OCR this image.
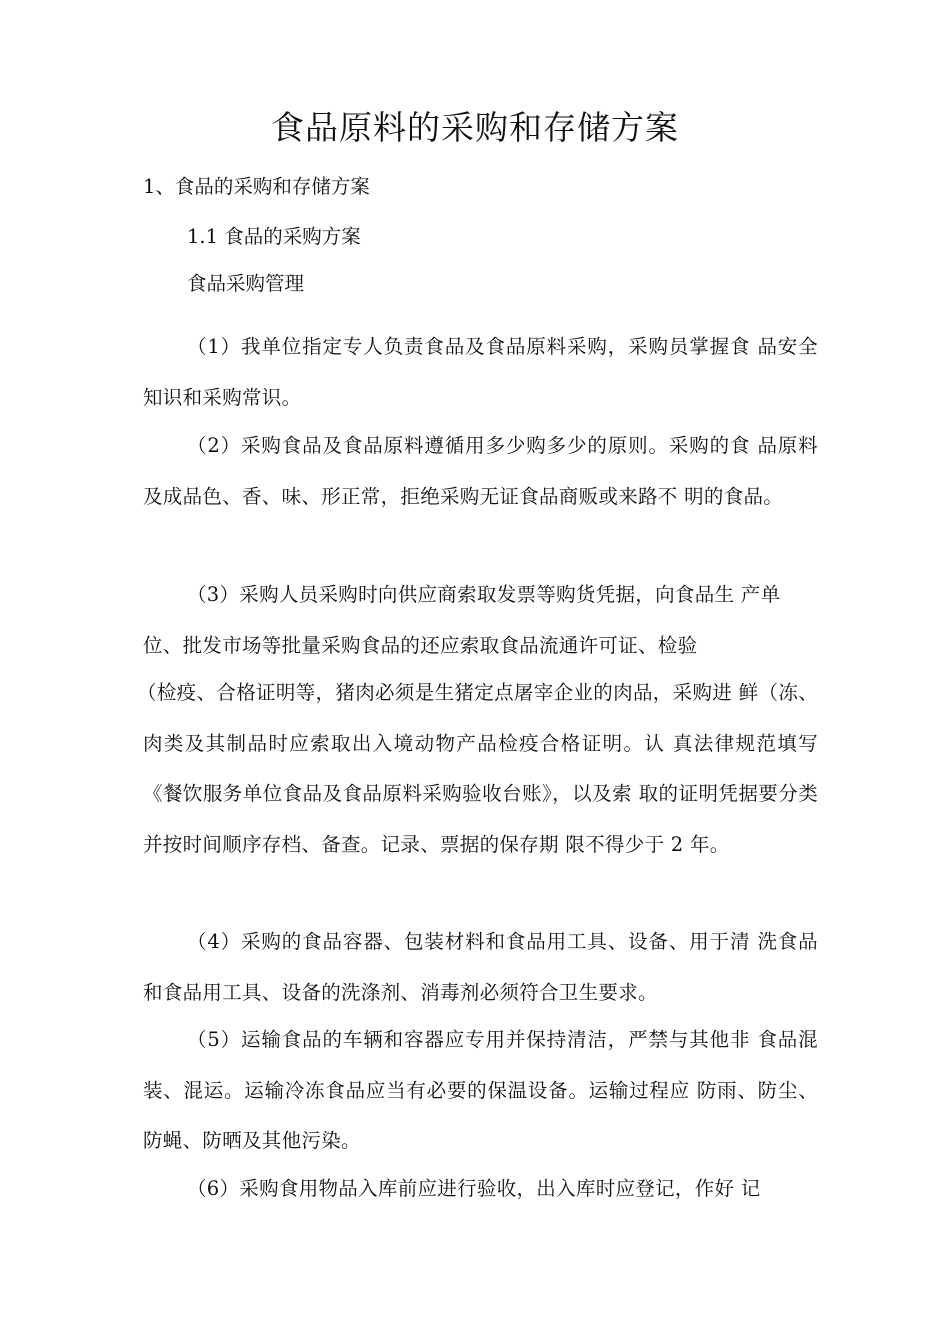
食品原料的采购和存储方案
1、食品的采购和存储方案
1.1 食品的采购方案
食品采购管理
（1）我单位指定专人负责食品及食品原料采购，采购员掌握食 品安全知识和采购常识。
（2）采购食品及食品原料遵循用多少购多少的原则。采购的食 品原料及成品色、香、味、形正常，拒绝采购无证食品商贩或来路不 明的食品。
（3）采购人员采购时向供应商索取发票等购货凭据，向食品生 产单位、批发市场等批量采购食品的还应索取食品流通许可证、检验
（检疫、合格证明等，猪肉必须是生猪定点屠宰企业的肉品，采购进 鲜（冻、肉类及其制品时应索取出入境动物产品检疫合格证明。认 真法律规范填写《餐饮服务单位食品及食品原料采购验收台账》，以及索 取的证明凭据要分类并按时间顺序存档、备查。记录、票据的保存期 限不得少于 2 年。
（4）采购的食品容器、包装材料和食品用工具、设备、用于清 洗食品和食品用工具、设备的洗涤剂、消毒剂必须符合卫生要求。
（5）运输食品的车辆和容器应专用并保持清洁，严禁与其他非 食品混装、混运。运输冷冻食品应当有必要的保温设备。运输过程应 防雨、防尘、防蝇、防晒及其他污染。
（6）采购食用物品入库前应进行验收，出入库时应登记，作好 记
